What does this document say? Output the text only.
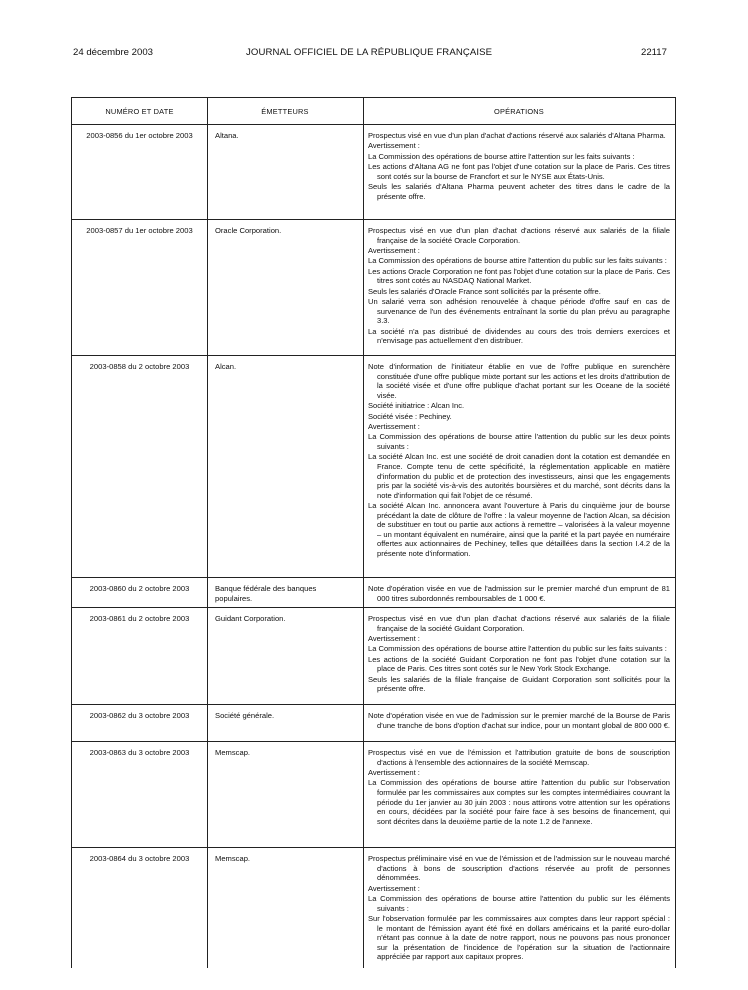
24 décembre 2003	JOURNAL OFFICIEL DE LA RÉPUBLIQUE FRANÇAISE	22117
NUMÉRO ET DATE	ÉMETTEURS	OPÉRATIONS
2003-0856 du 1er octobre 2003	Altana.	Prospectus visé en vue d'un plan d'achat d'actions réservé aux salariés d'Altana Pharma.

Avertissement :

La Commission des opérations de bourse attire l'attention sur les faits suivants :

Les actions d'Altana AG ne font pas l'objet d'une cotation sur la place de Paris. Ces titres sont cotés sur la bourse de Francfort et sur le NYSE aux États-Unis.

Seuls les salariés d'Altana Pharma peuvent acheter des titres dans le cadre de la présente offre.

2003-0857 du 1er octobre 2003	Oracle Corporation.	Prospectus visé en vue d'un plan d'achat d'actions réservé aux salariés de la filiale française de la société Oracle Corporation.

Avertissement :

La Commission des opérations de bourse attire l'attention du public sur les faits suivants :

Les actions Oracle Corporation ne font pas l'objet d'une cotation sur la place de Paris. Ces titres sont cotés au NASDAQ National Market.

Seuls les salariés d'Oracle France sont sollicités par la présente offre.

Un salarié verra son adhésion renouvelée à chaque période d'offre sauf en cas de survenance de l'un des événements entraînant la sortie du plan prévu au paragraphe 3.3.

La société n'a pas distribué de dividendes au cours des trois derniers exercices et n'envisage pas actuellement d'en distribuer.

2003-0858 du 2 octobre 2003	Alcan.	Note d'information de l'initiateur établie en vue de l'offre publique en surenchère constituée d'une offre publique mixte portant sur les actions et les droits d'attribution de la société visée et d'une offre publique d'achat portant sur les Oceane de la société visée.

Société initiatrice : Alcan Inc.

Société visée : Pechiney.

Avertissement :

La Commission des opérations de bourse attire l'attention du public sur les deux points suivants :

La société Alcan Inc. est une société de droit canadien dont la cotation est demandée en France. Compte tenu de cette spécificité, la réglementation applicable en matière d'information du public et de protection des investisseurs, ainsi que les engagements pris par la société vis-à-vis des autorités boursières et du marché, sont décrits dans la note d'information qui fait l'objet de ce résumé.

La société Alcan Inc. annoncera avant l'ouverture à Paris du cinquième jour de bourse précédant la date de clôture de l'offre : la valeur moyenne de l'action Alcan, sa décision de substituer en tout ou partie aux actions à remettre – valorisées à la valeur moyenne – un montant équivalent en numéraire, ainsi que la parité et la part payée en numéraire offertes aux actionnaires de Pechiney, telles que détaillées dans la section I.4.2 de la présente note d'information.

2003-0860 du 2 octobre 2003	Banque fédérale des banques populaires.

Note d'opération visée en vue de l'admission sur le premier marché d'un emprunt de 81 000 titres subordonnés remboursables de 1 000 €.

2003-0861 du 2 octobre 2003	Guidant Corporation.	Prospectus visé en vue d'un plan d'achat d'actions réservé aux salariés de la filiale française de la société Guidant Corporation.

Avertissement :

La Commission des opérations de bourse attire l'attention du public sur les faits suivants :

Les actions de la société Guidant Corporation ne font pas l'objet d'une cotation sur la place de Paris. Ces titres sont cotés sur le New York Stock Exchange.

Seuls les salariés de la filiale française de Guidant Corporation sont sollicités pour la présente offre.

2003-0862 du 3 octobre 2003	Société générale.	Note d'opération visée en vue de l'admission sur le premier marché de la Bourse de Paris d'une tranche de bons d'option d'achat sur indice, pour un montant global de 800 000 €.

2003-0863 du 3 octobre 2003	Memscap.	Prospectus visé en vue de l'émission et l'attribution gratuite de bons de souscription d'actions à l'ensemble des actionnaires de la société Memscap.

Avertissement :

La Commission des opérations de bourse attire l'attention du public sur l'observation formulée par les commissaires aux comptes sur les comptes intermédiaires couvrant la période du 1er janvier au 30 juin 2003 : nous attirons votre attention sur les opérations en cours, décidées par la société pour faire face à ses besoins de financement, qui sont décrites dans la deuxième partie de la note 1.2 de l'annexe.

2003-0864 du 3 octobre 2003	Memscap.	Prospectus préliminaire visé en vue de l'émission et de l'admission sur le nouveau marché d'actions à bons de souscription d'actions réservée au profit de personnes dénommées.

Avertissement :

La Commission des opérations de bourse attire l'attention du public sur les éléments suivants :

Sur l'observation formulée par les commissaires aux comptes dans leur rapport spécial : le montant de l'émission ayant été fixé en dollars américains et la parité euro-dollar n'étant pas connue à la date de notre rapport, nous ne pouvons pas nous prononcer sur la présentation de l'incidence de l'opération sur la situation de l'actionnaire appréciée par rapport aux capitaux propres.
